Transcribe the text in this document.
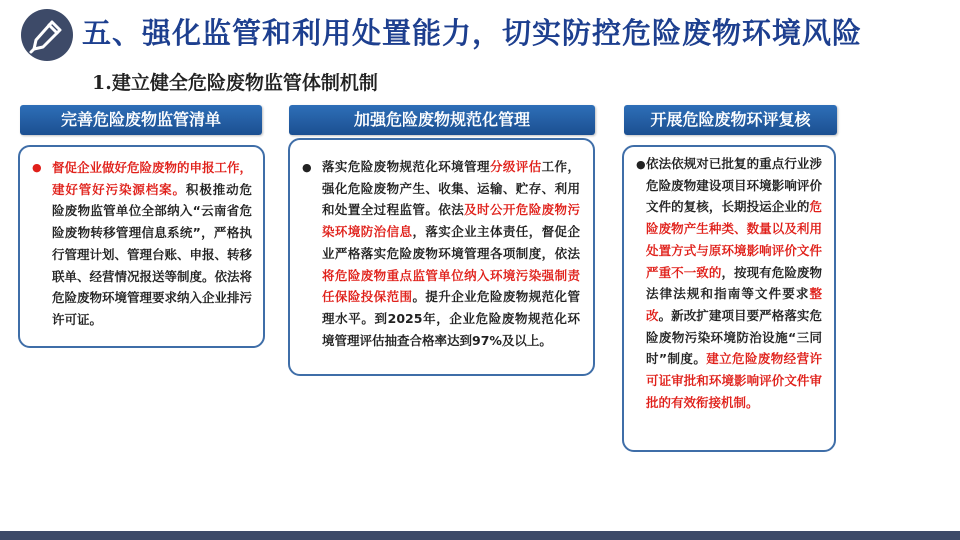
五、强化监管和利用处置能力，切实防控危险废物环境风险
1.建立健全危险废物监管体制机制
完善危险废物监管清单
● 督促企业做好危险废物的申报工作，建好管好污染源档案。积极推动危险废物监管单位全部纳入“云南省危险废物转移管理信息系统”，严格执行管理计划、管理台账、申报、转移联单、经营情况报送等制度。依法将危险废物环境管理要求纳入企业排污许可证。
加强危险废物规范化管理
● 落实危险废物规范化环境管理分级评估工作，强化危险废物产生、收集、运输、贮存、利用和处置全过程监管。依法及时公开危险废物污染环境防治信息，落实企业主体责任，督促企业严格落实危险废物环境管理各项制度，依法将危险废物重点监管单位纳入环境污染强制责任保险投保范围。提升企业危险废物规范化管理水平。到2025年，企业危险废物规范化环境管理评估抽查合格率达到97%及以上。
开展危险废物环评复核
● 依法依规对已批复的重点行业涉危险废物建设项目环境影响评价文件的复核，长期投运企业的危险废物产生种类、数量以及利用处置方式与原环境影响评价文件严重不一致的，按现有危险废物法律法规和指南等文件要求整改。新改扩建项目要严格落实危险废物污染环境防治设施“三同时”制度。建立危险废物经营许可证审批和环境影响评价文件审批的有效衔接机制。
